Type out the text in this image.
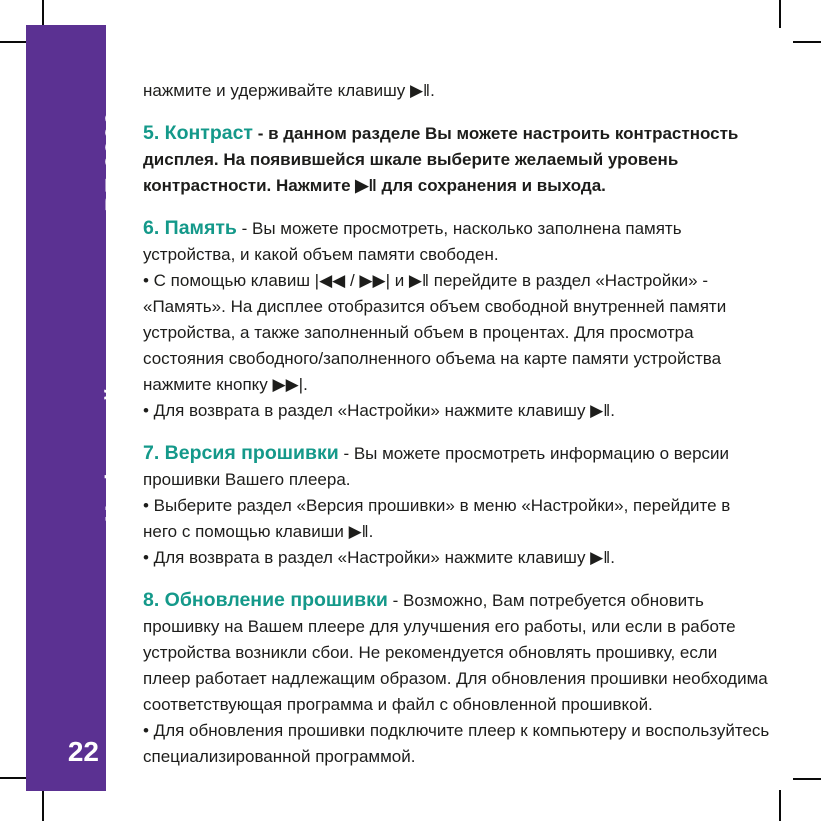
Цифровой аудио плеер RF-3360
22

нажмите и удерживайте клавишу ▶‖.

5. Контраст - в данном разделе Вы можете настроить контрастность

дисплея. На появившейся шкале выберите желаемый уровень

контрастности. Нажмите ▶‖ для сохранения и выхода.

6. Память - Вы можете просмотреть, насколько заполнена память

устройства, и какой объем памяти свободен.

• С помощью клавиш |◀◀ / ▶▶| и ▶‖ перейдите в раздел «Настройки» -

«Память». На дисплее отобразится объем свободной внутренней памяти

устройства, а также заполненный объем в процентах. Для просмотра

состояния свободного/заполненного объема на карте памяти устройства

нажмите кнопку ▶▶|.

• Для возврата в раздел «Настройки» нажмите клавишу ▶‖.

7. Версия прошивки - Вы можете просмотреть информацию о версии

прошивки Вашего плеера.

• Выберите раздел «Версия прошивки» в меню «Настройки», перейдите в

него с помощью клавиши ▶‖.

• Для возврата в раздел «Настройки» нажмите клавишу ▶‖.

8. Обновление прошивки - Возможно, Вам потребуется обновить

прошивку на Вашем плеере для улучшения его работы, или если в работе

устройства возникли сбои. Не рекомендуется обновлять прошивку, если

плеер работает надлежащим образом. Для обновления прошивки необходима

соответствующая программа и файл с обновленной прошивкой.

• Для обновления прошивки подключите плеер к компьютеру и воспользуйтесь

специализированной программой.
